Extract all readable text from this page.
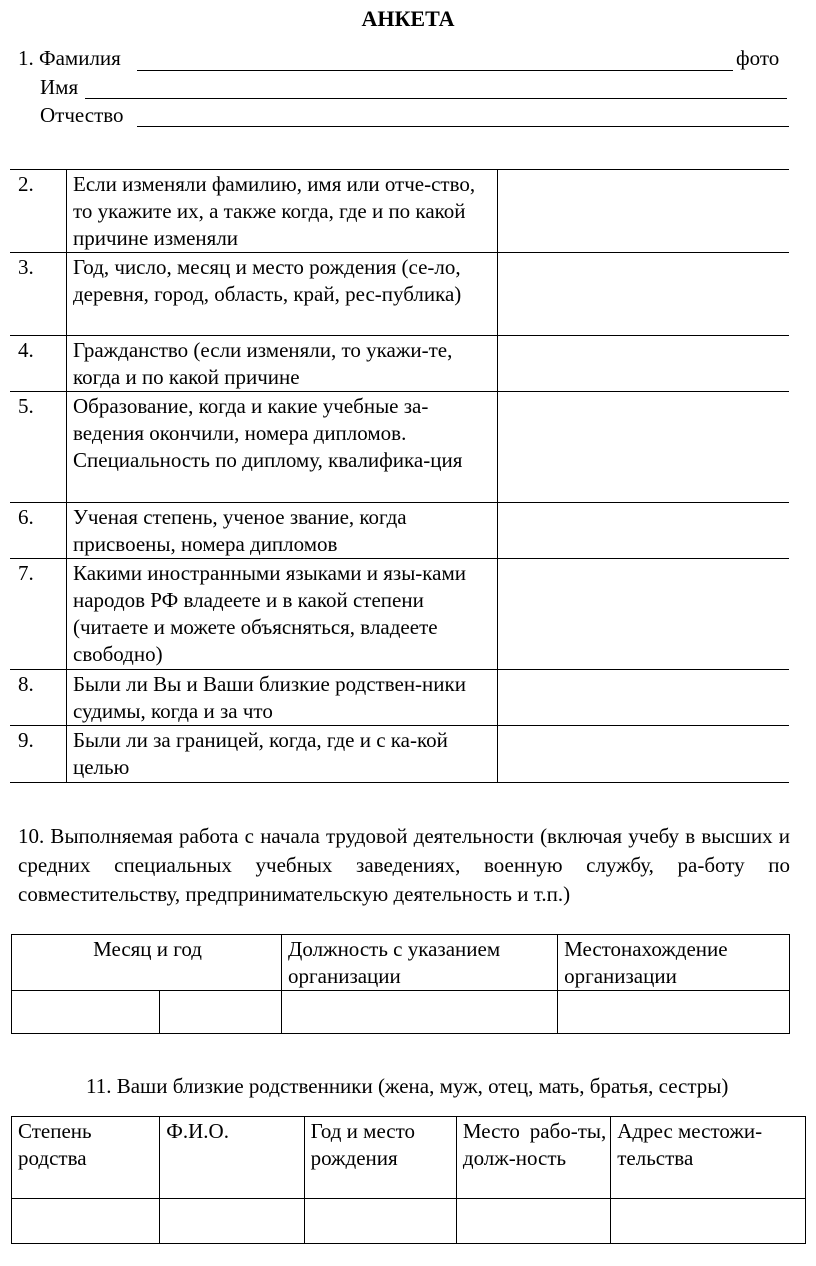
АНКЕТА
1. Фамилия	фото
Имя
Отчество
2.	Если изменяли фамилию, имя или отче-ство, то укажите их, а также когда, где и по какой причине изменяли	
3.	Год, число, месяц и место рождения (се-ло, деревня, город, область, край, рес-публика)	
4.	Гражданство (если изменяли, то укажи-те, когда и по какой причине	
5.	Образование, когда и какие учебные за-ведения окончили, номера дипломов. Специальность по диплому, квалифика-ция	
6.	Ученая степень, ученое звание, когда присвоены, номера дипломов	
7.	Какими иностранными языками и язы-ками народов РФ владеете и в какой степени (читаете и можете объясняться, владеете свободно)	
8.	Были ли Вы и Ваши близкие родствен-ники судимы, когда и за что	
9.	Были ли за границей, когда, где и с ка-кой целью	
10. Выполняемая работа с начала трудовой деятельности (включая учебу в высших и средних специальных учебных заведениях, военную службу, ра-боту по совместительству, предпринимательскую деятельность и т.п.)
Месяц и год		Должность с указанием организации	Местонахождение организации

11. Ваши близкие родственники (жена, муж, отец, мать, братья, сестры)
Степень родства	Ф.И.О.	Год и место рождения	Место рабо-ты, долж-ность	Адрес местожи-тельства
